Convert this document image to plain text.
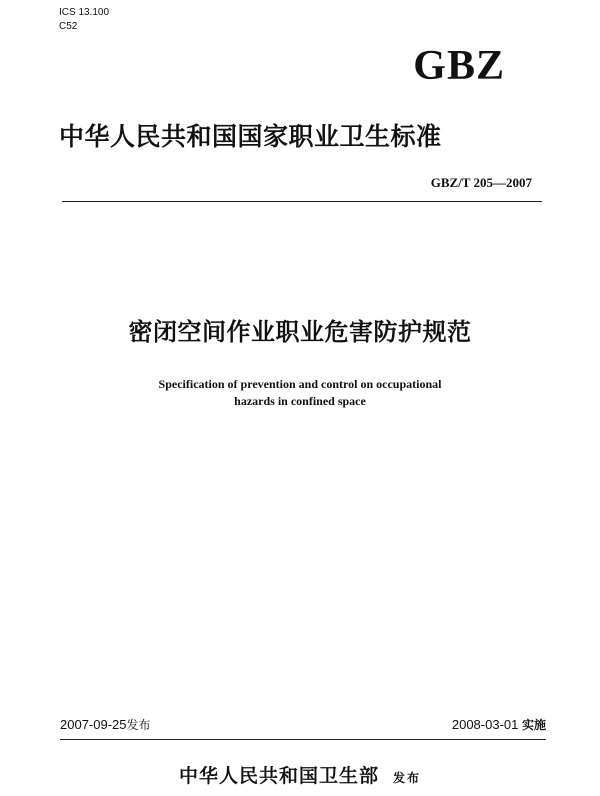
ICS 13.100
C52
GBZ
中华人民共和国国家职业卫生标准
GBZ/T 205—2007
密闭空间作业职业危害防护规范
Specification of prevention and control on occupational
hazards in confined space
2007-09-25发布	2008-03-01 实施
中华人民共和国卫生部 发布
